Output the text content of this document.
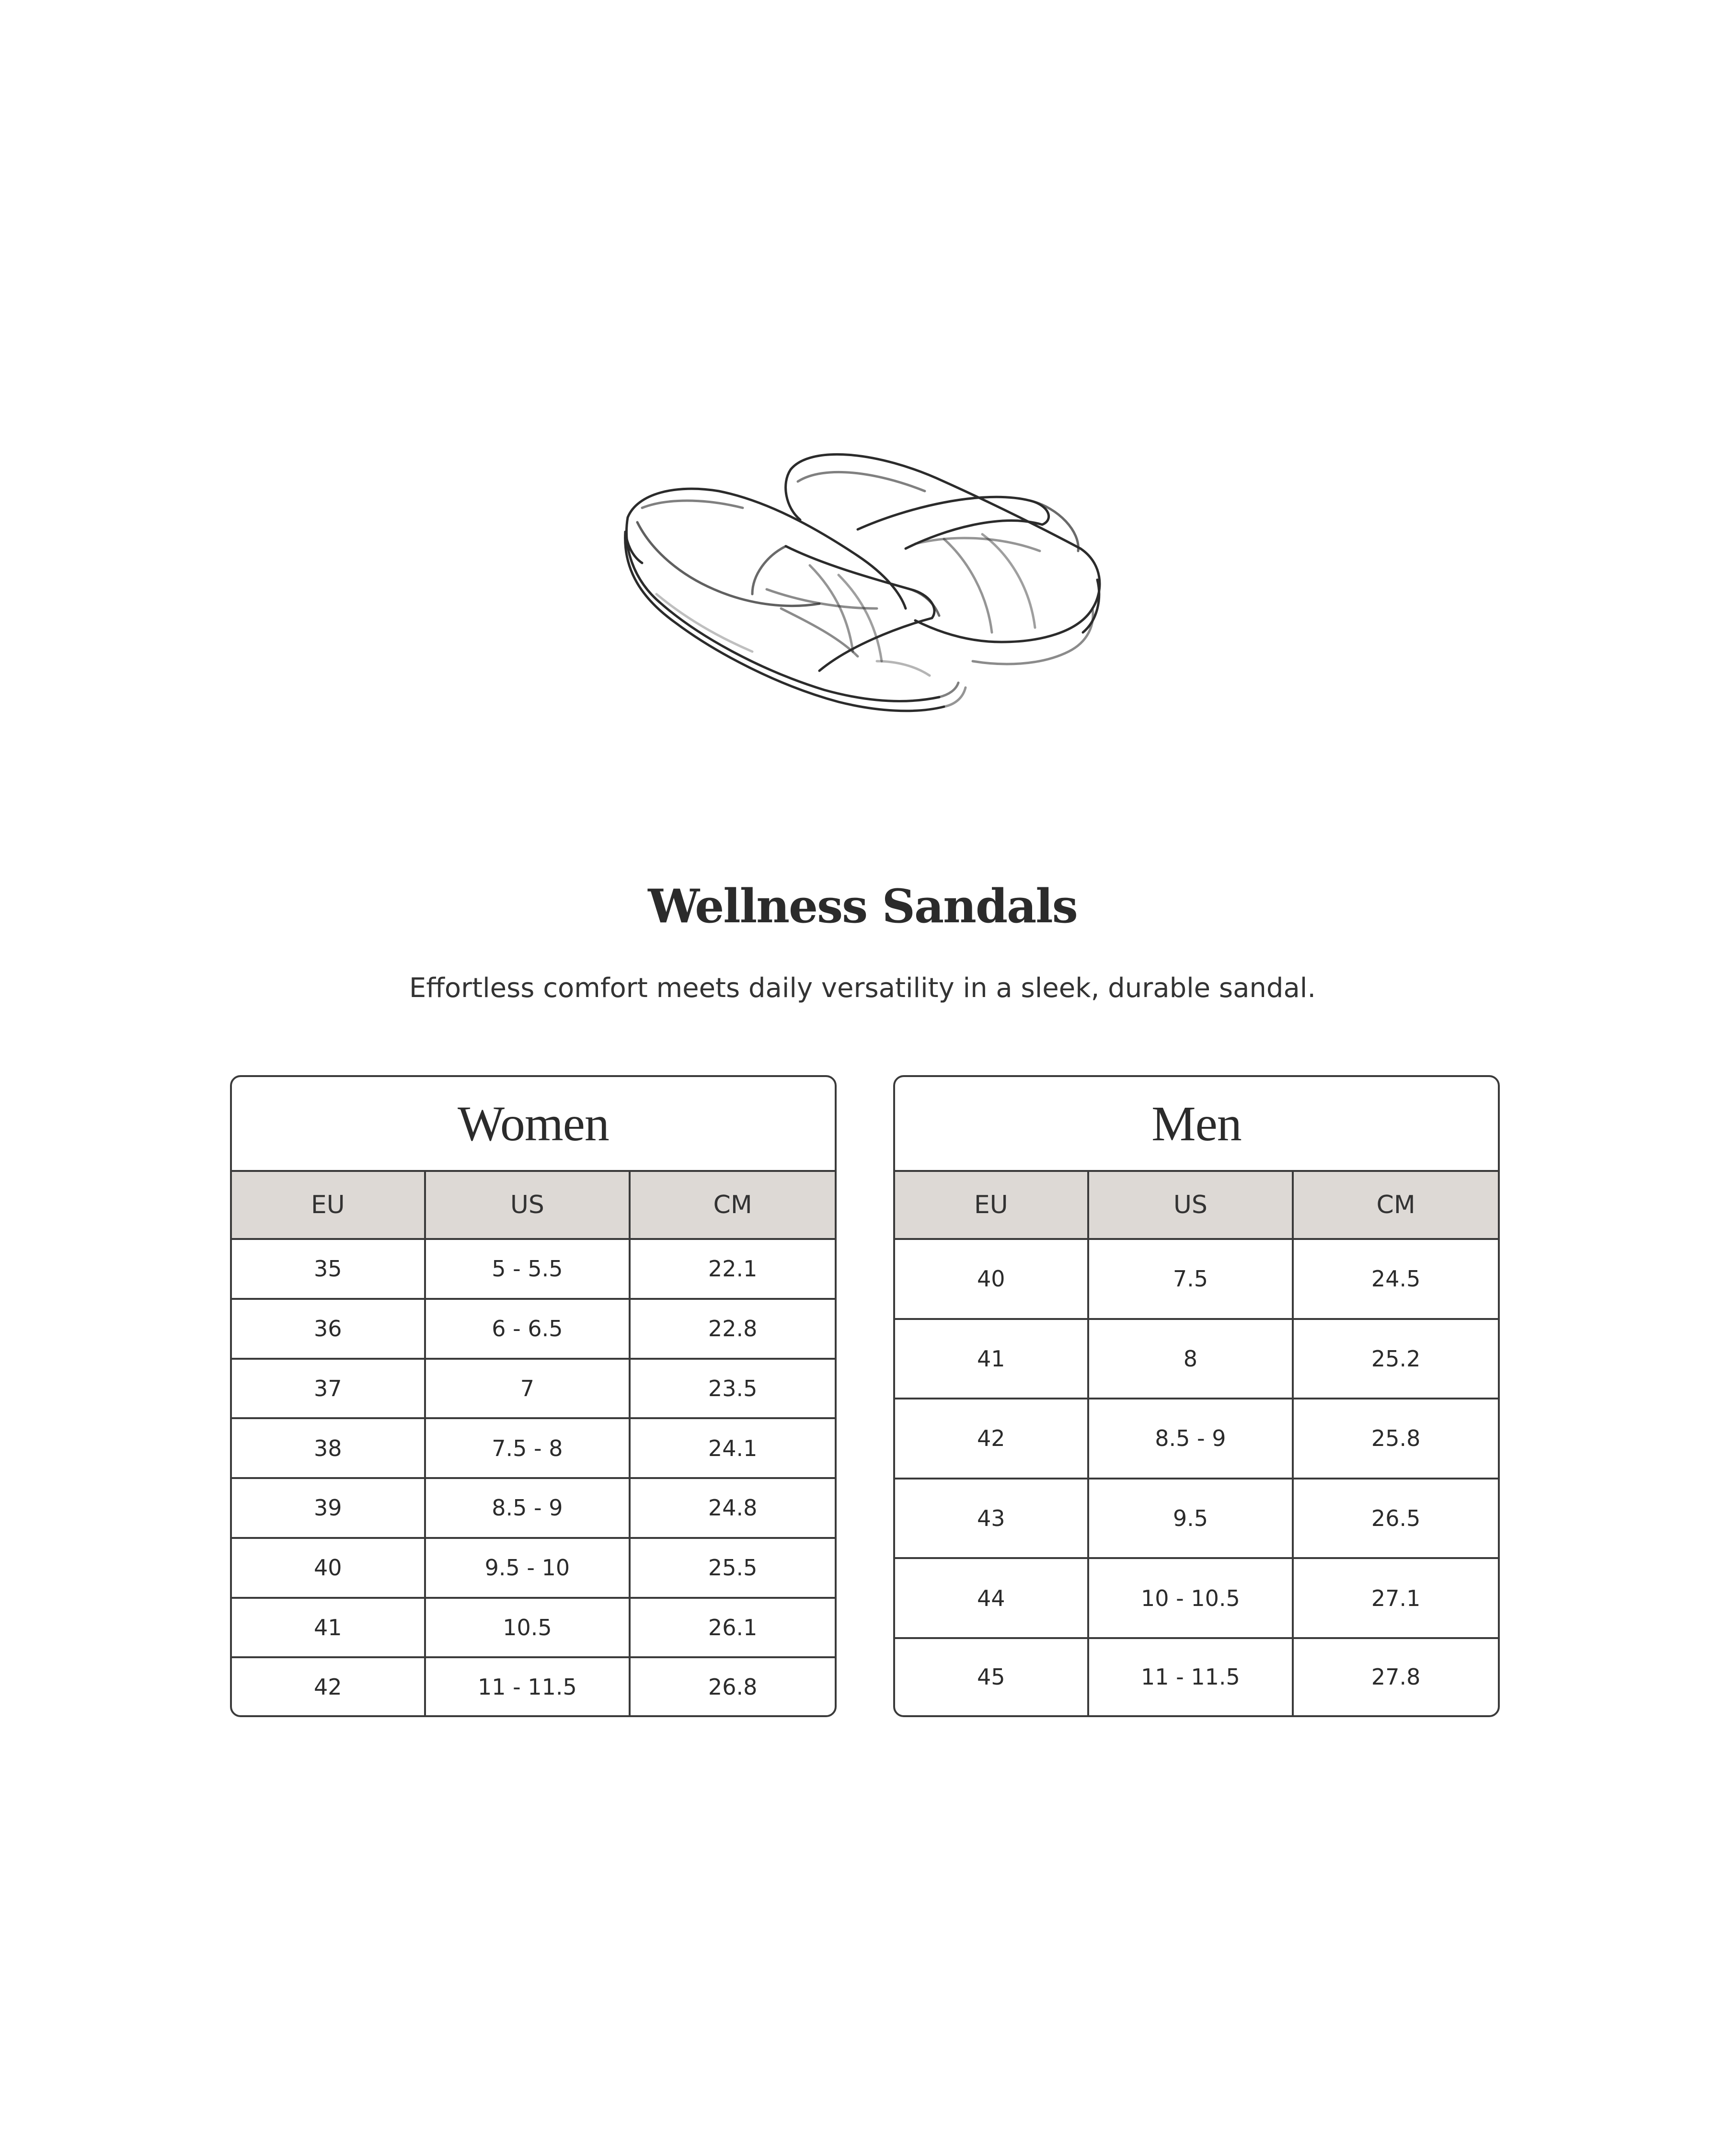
Wellness Sandals
Effortless comfort meets daily versatility in a sleek, durable sandal.
Women
EU	US	CM
35	5 - 5.5	22.1
36	6 - 6.5	22.8
37	7	23.5
38	7.5 - 8	24.1
39	8.5 - 9	24.8
40	9.5 - 10	25.5
41	10.5	26.1
42	11 - 11.5	26.8
Men
EU	US	CM
40	7.5	24.5
41	8	25.2
42	8.5 - 9	25.8
43	9.5	26.5
44	10 - 10.5	27.1
45	11 - 11.5	27.8
